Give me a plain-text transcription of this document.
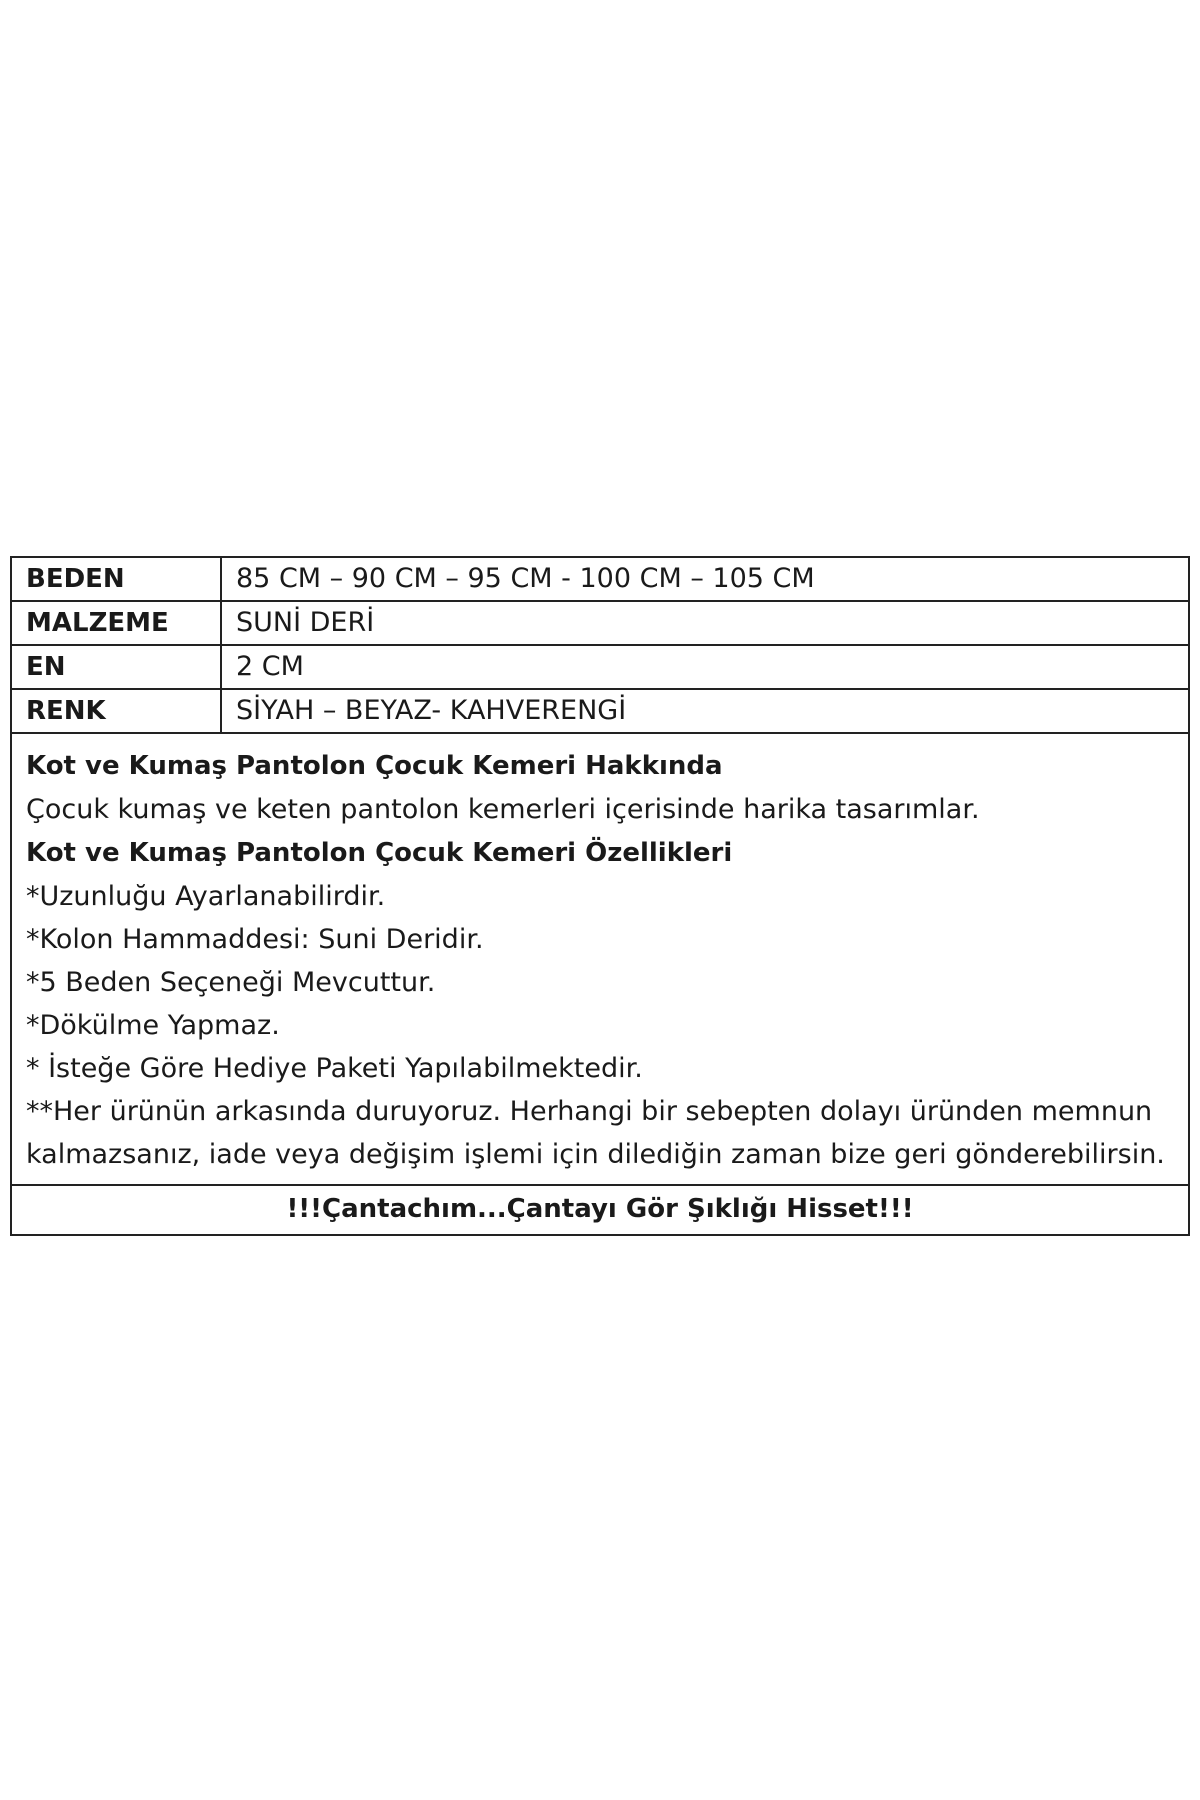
BEDEN	85 CM – 90 CM – 95 CM - 100 CM – 105 CM
MALZEME	SUNİ DERİ
EN	2 CM
RENK	SİYAH – BEYAZ- KAHVERENGİ
Kot ve Kumaş Pantolon Çocuk Kemeri Hakkında
Çocuk kumaş ve keten pantolon kemerleri içerisinde harika tasarımlar.
Kot ve Kumaş Pantolon Çocuk Kemeri Özellikleri
*Uzunluğu Ayarlanabilirdir.
*Kolon Hammaddesi: Suni Deridir.
*5 Beden Seçeneği Mevcuttur.
*Dökülme Yapmaz.
* İsteğe Göre Hediye Paketi Yapılabilmektedir.
**Her ürünün arkasında duruyoruz. Herhangi bir sebepten dolayı üründen memnun kalmazsanız, iade veya değişim işlemi için dilediğin zaman bize geri gönderebilirsin.
!!!Çantachım...Çantayı Gör Şıklığı Hisset!!!
